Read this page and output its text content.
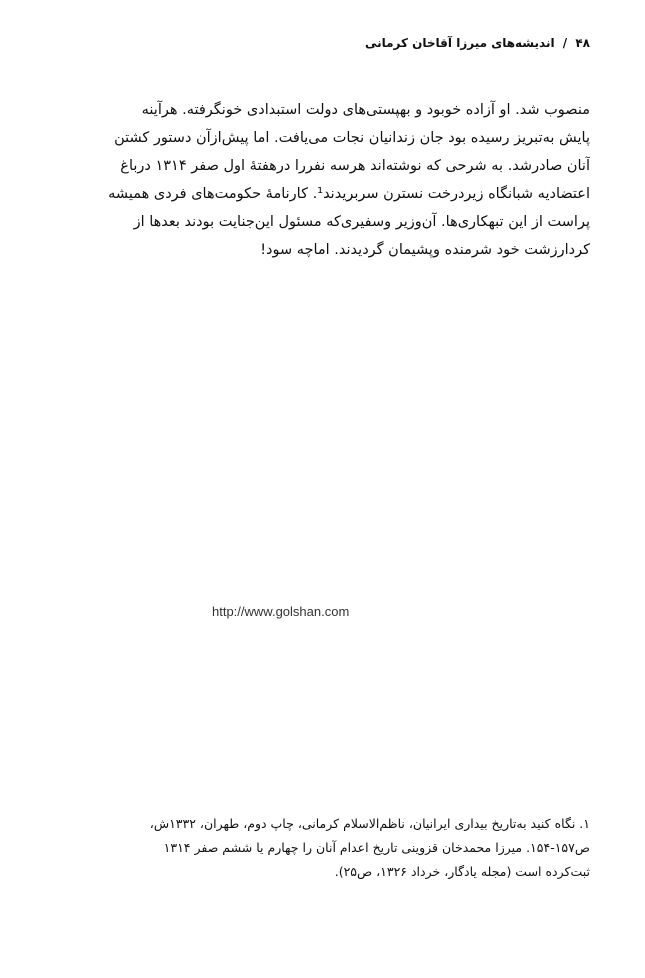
۴۸ / اندیشه‌های میرزا آقاخان کرمانی
منصوب شد. او آزاده خوبود و بهپستی‌های دولت استبدادی خونگرفته. هرآینه
پایش به‌تبریز رسیده بود جان زندانیان نجات می‌یافت. اما پیش‌ازآن دستور کشتن
آنان صادرشد. به شرحی که نوشته‌اند هرسه نفررا درهفتهٔ اول صفر ۱۳۱۴ درباغ
اعتضادیه شبانگاه زیردرخت نسترن سربریدند¹. کارنامهٔ حکومت‌های فردی همیشه
پراست از این تبهکاری‌ها. آن‌وزیر وسفیری‌که مسئول این‌جنایت بودند بعدها از
کردارزشت خود شرمنده وپشیمان گردیدند. اماچه سود!
http://www.golshan.com
۱. نگاه کنید به‌تاریخ بیداری ایرانیان، ناظم‌الاسلام کرمانی، چاپ دوم، طهران، ۱۳۳۲ش،
ص۱۵۷-۱۵۴. میرزا محمدخان قزوینی تاریخ اعدام آنان را چهارم یا ششم صفر ۱۳۱۴
ثبت‌کرده است (مجله یادگار، خرداد ۱۳۲۶، ص۲۵).
